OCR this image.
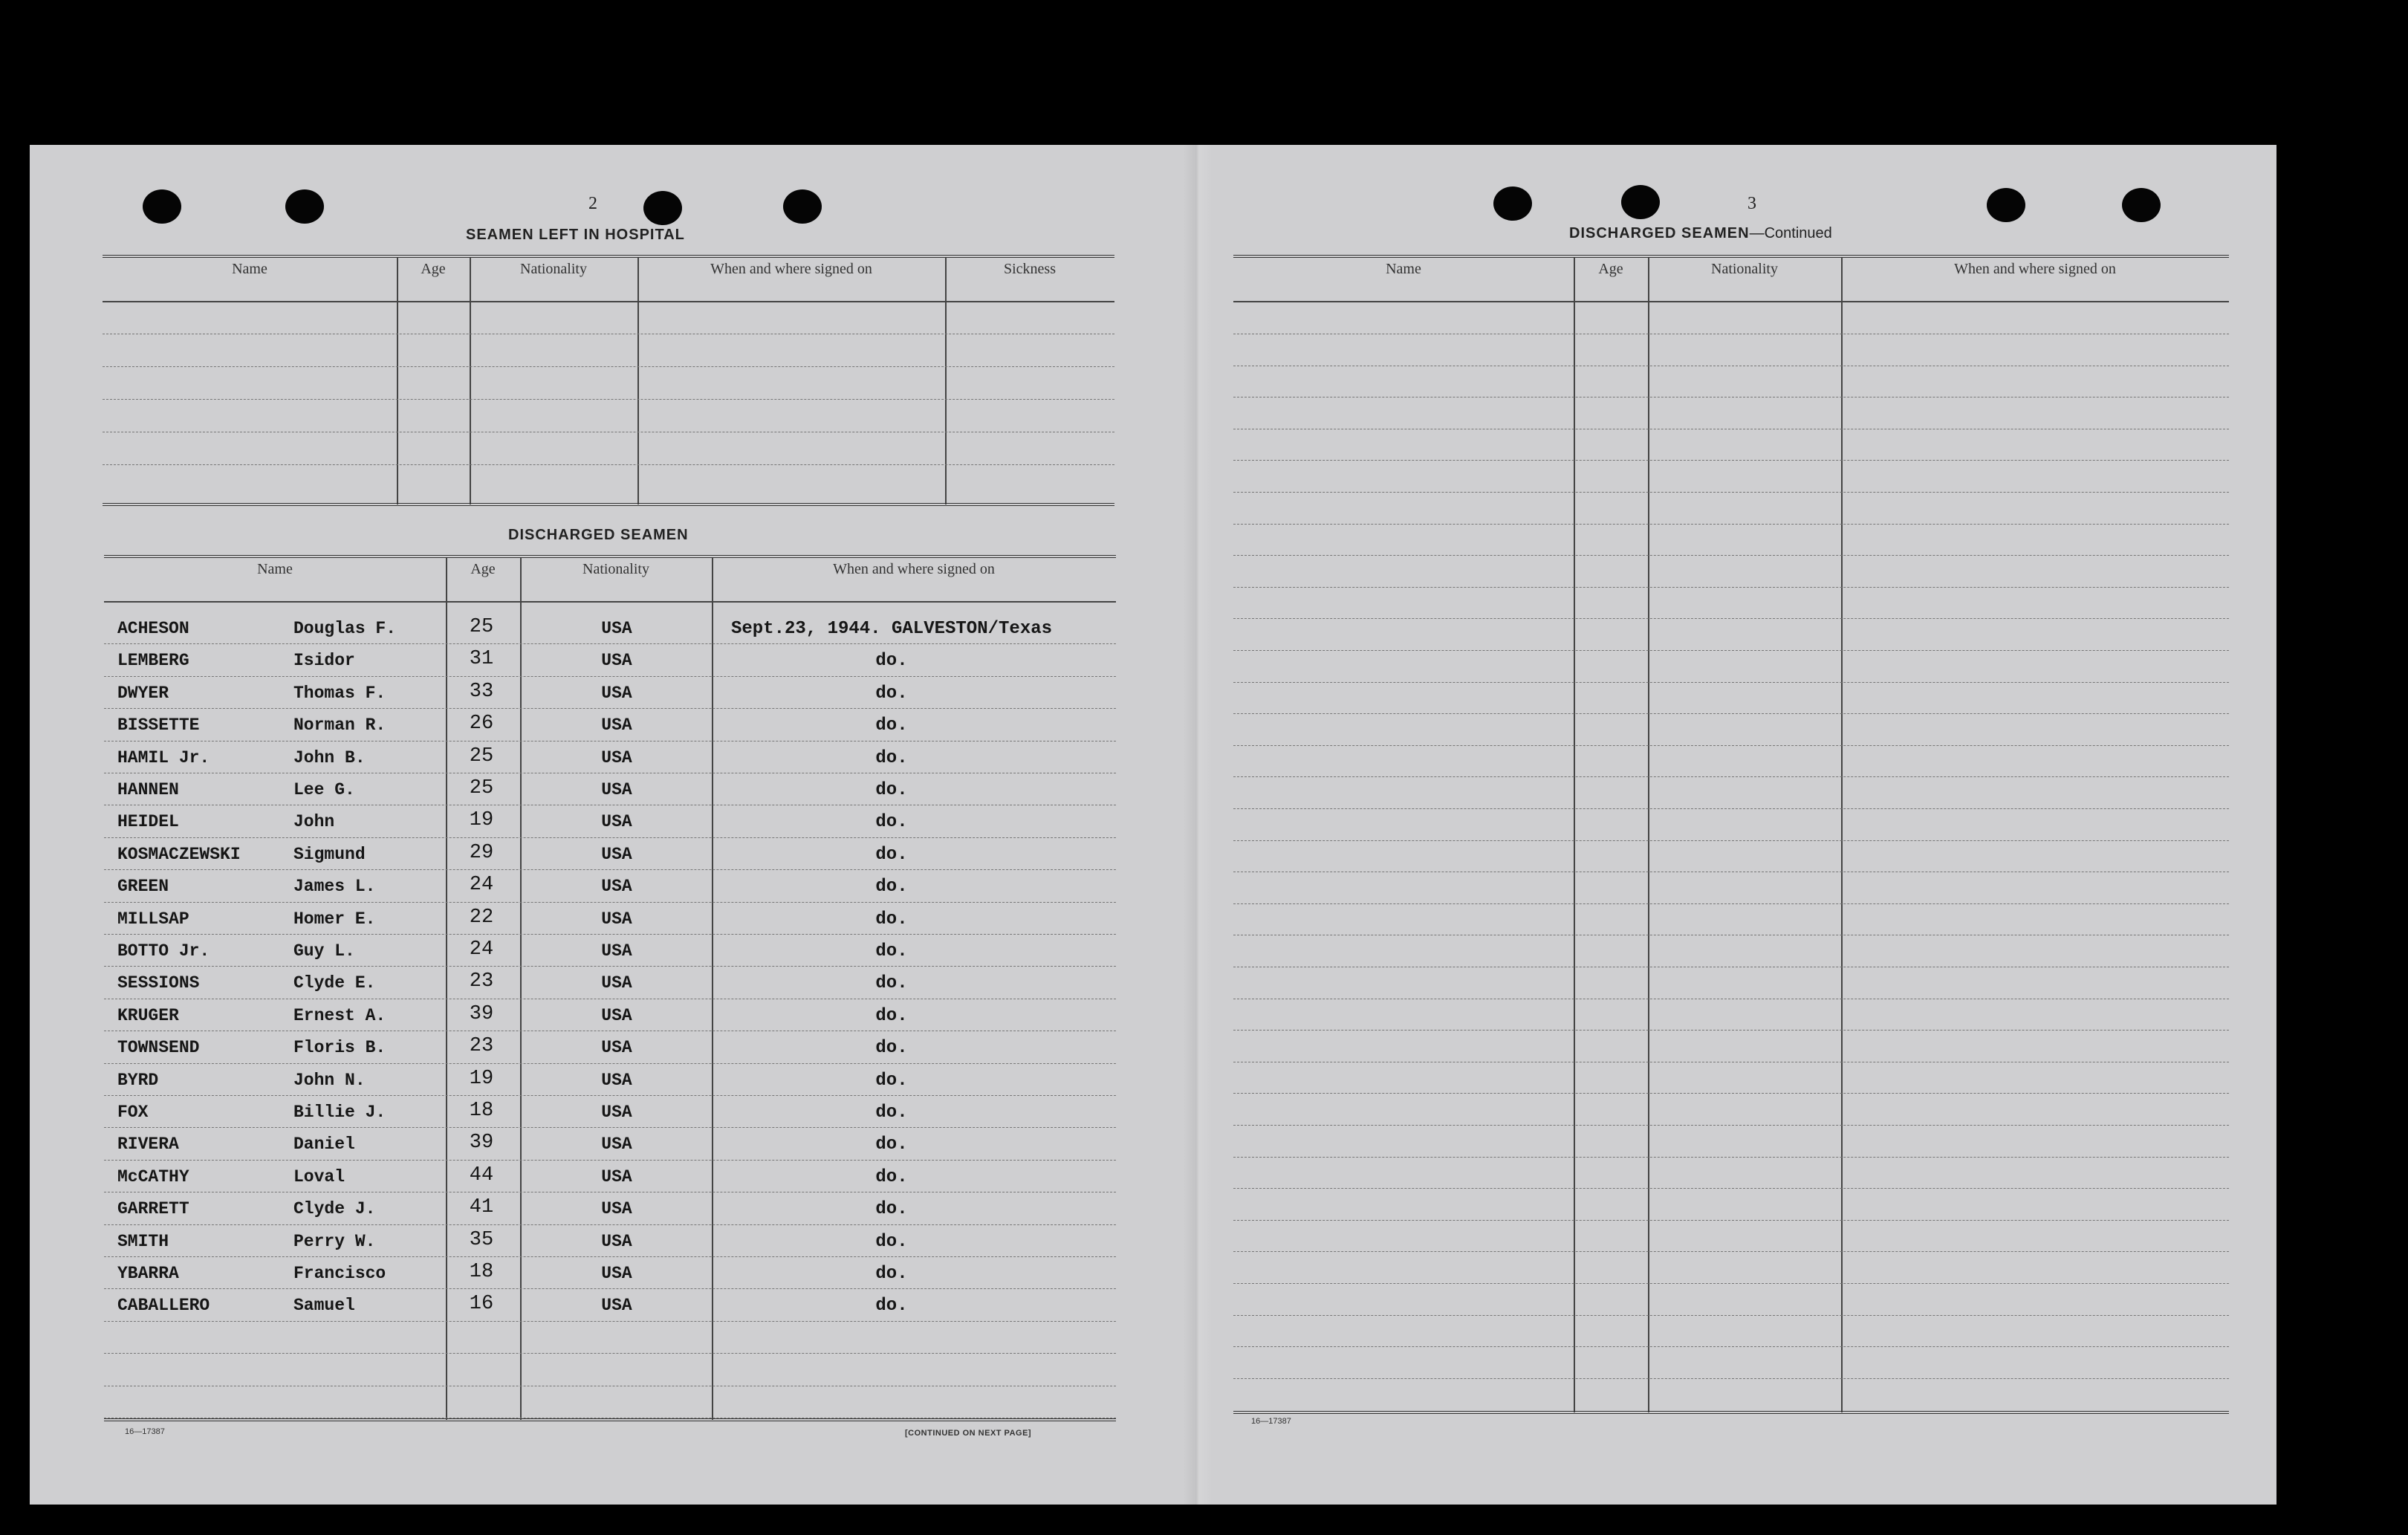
2
SEAMEN LEFT IN HOSPITAL
Name	Age	Nationality	When and where signed on	Sickness
DISCHARGED SEAMEN
Name	Age	Nationality	When and where signed on
ACHESON	Douglas F.	25	USA	Sept.23, 1944. GALVESTON/Texas
LEMBERG	Isidor	31	USA	do.
DWYER	Thomas F.	33	USA	do.
BISSETTE	Norman R.	26	USA	do.
HAMIL Jr.	John B.	25	USA	do.
HANNEN	Lee G.	25	USA	do.
HEIDEL	John	19	USA	do.
KOSMACZEWSKI	Sigmund	29	USA	do.
GREEN	James L.	24	USA	do.
MILLSAP	Homer E.	22	USA	do.
BOTTO Jr.	Guy L.	24	USA	do.
SESSIONS	Clyde E.	23	USA	do.
KRUGER	Ernest A.	39	USA	do.
TOWNSEND	Floris B.	23	USA	do.
BYRD	John N.	19	USA	do.
FOX	Billie J.	18	USA	do.
RIVERA	Daniel	39	USA	do.
McCATHY	Loval	44	USA	do.
GARRETT	Clyde J.	41	USA	do.
SMITH	Perry W.	35	USA	do.
YBARRA	Francisco	18	USA	do.
CABALLERO	Samuel	16	USA	do.
16—17387	[CONTINUED ON NEXT PAGE]
3
DISCHARGED SEAMEN—Continued
Name	Age	Nationality	When and where signed on
16—17387
